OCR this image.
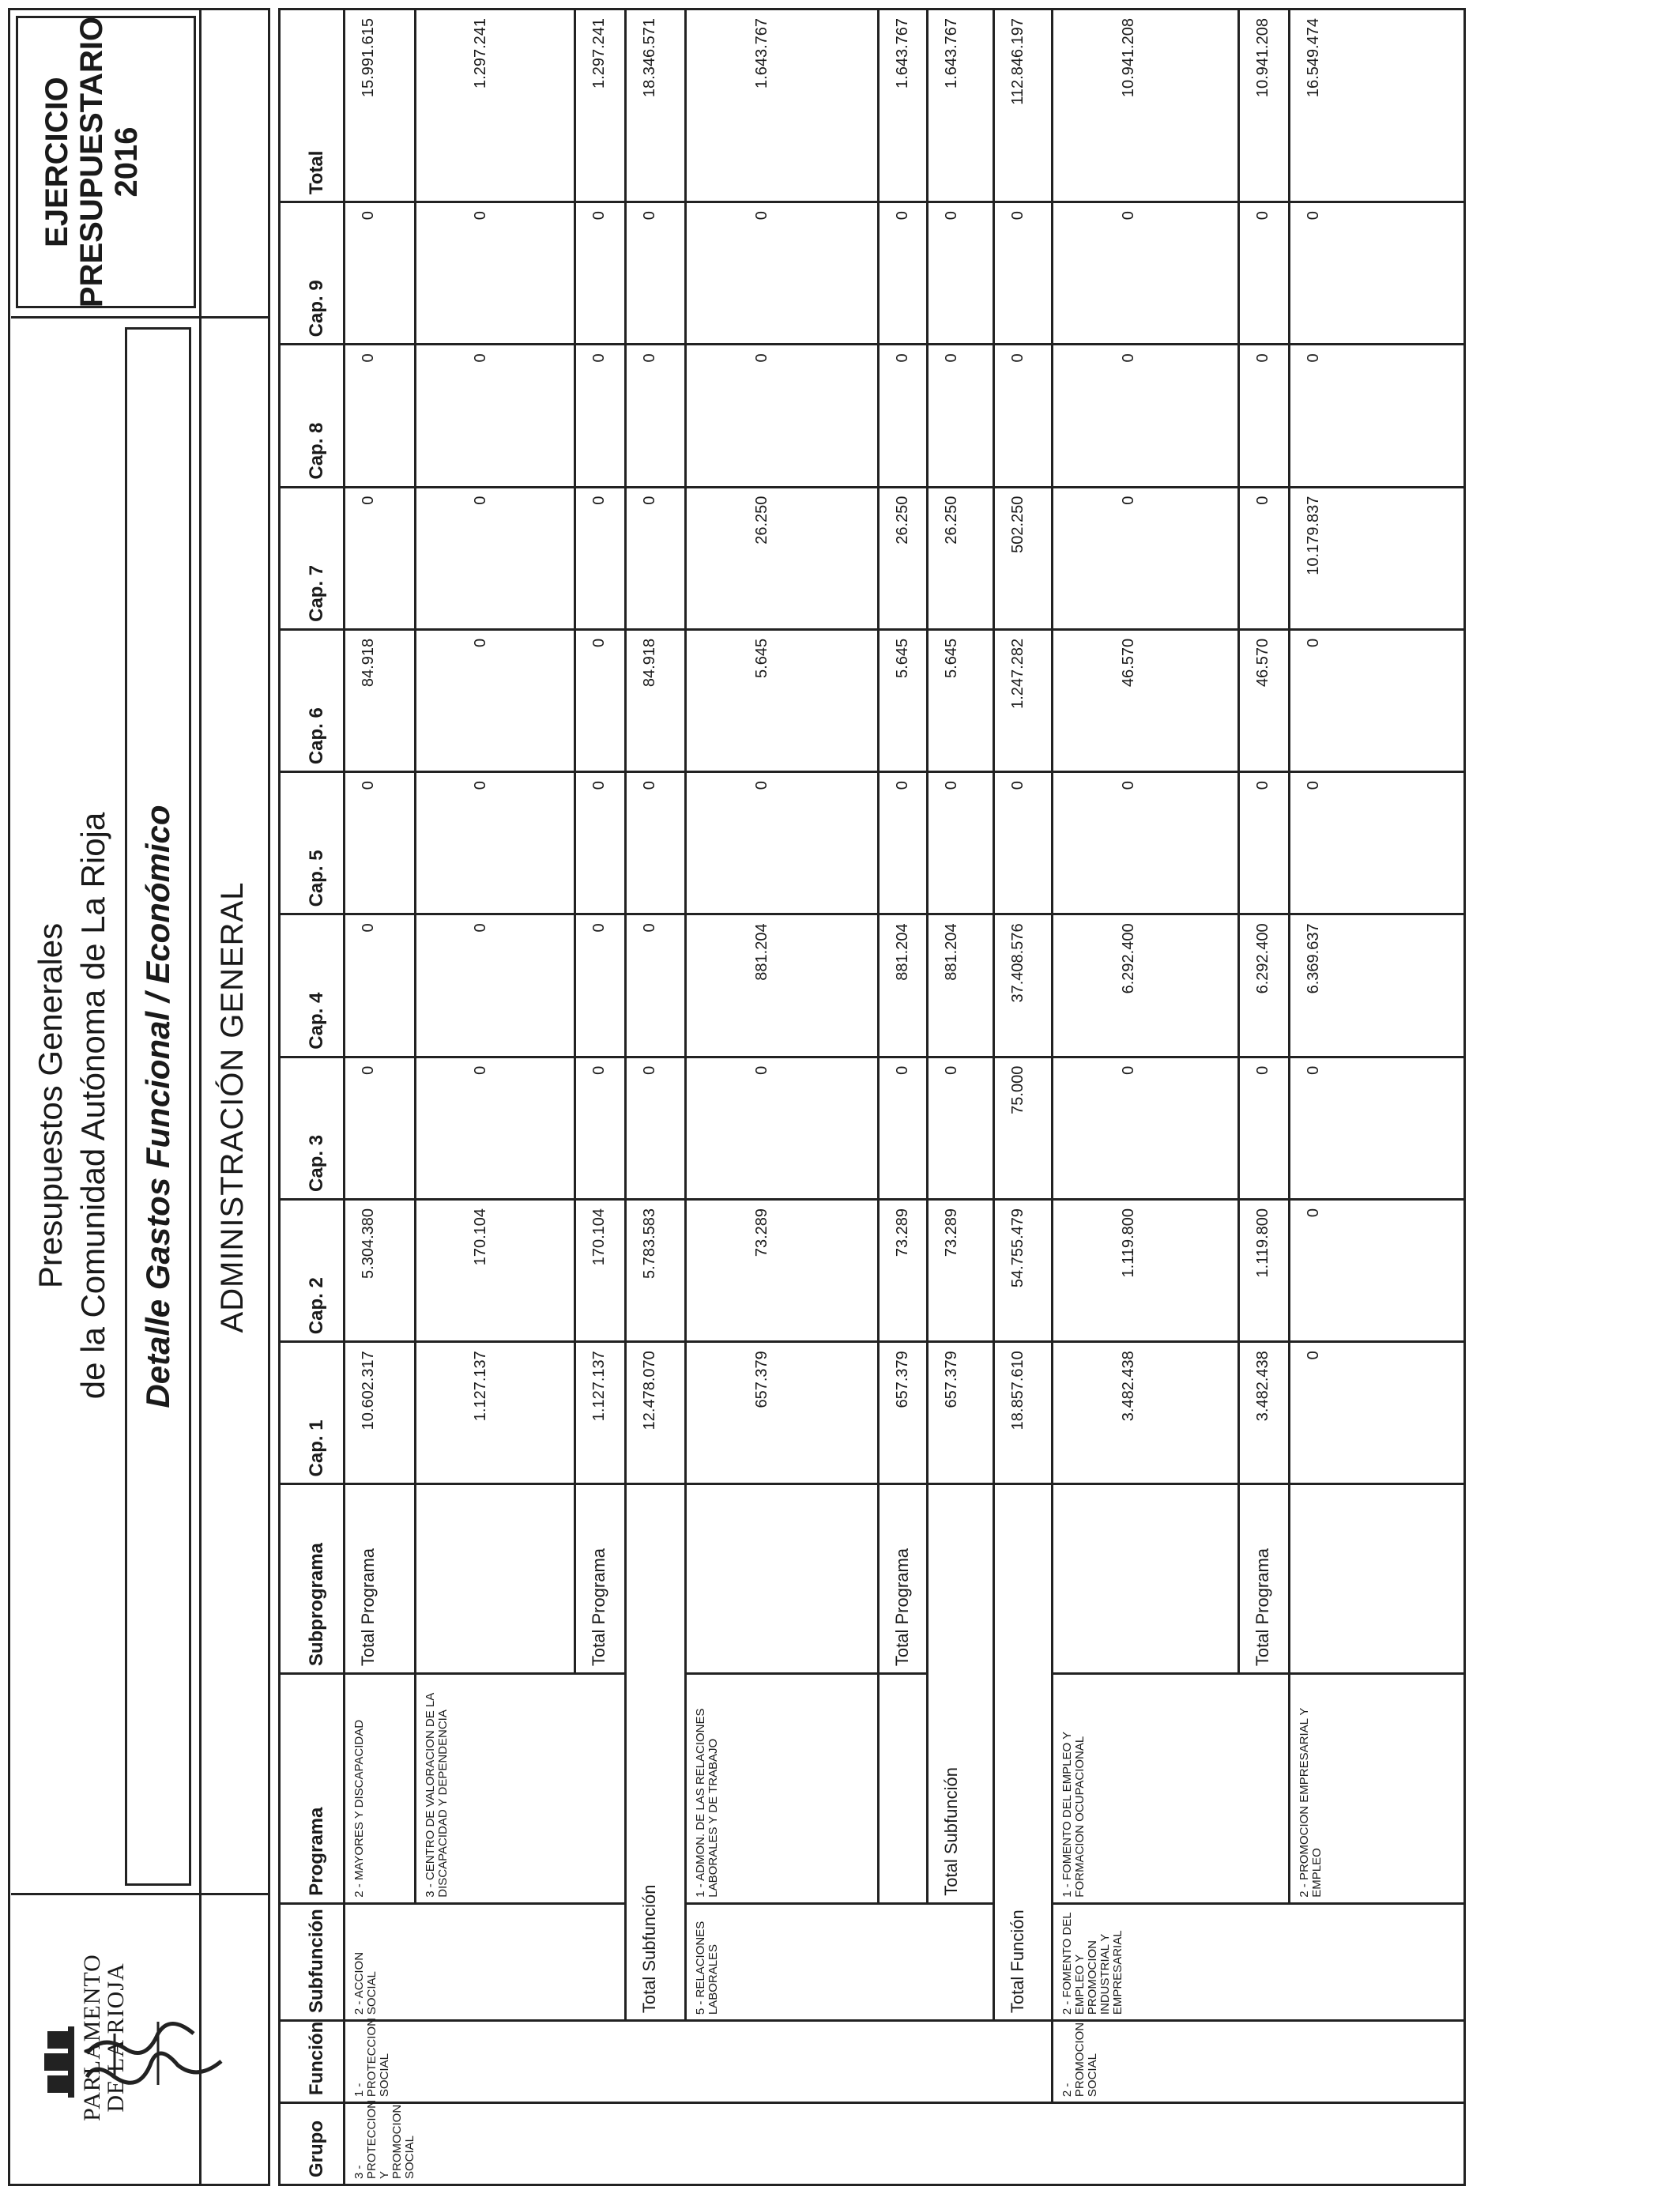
PARLAMENTO
DE LA RIOJA
Presupuestos Generales de la Comunidad Autónoma de La Rioja Detalle Gastos Funcional / Económico ADMINISTRACIÓN GENERAL
EJERCICIO PRESUPUESTARIO 2016
Grupo	Función	Subfunción	Programa	Subprograma	Cap. 1	Cap. 2	Cap. 3	Cap. 4	Cap. 5	Cap. 6	Cap. 7	Cap. 8	Cap. 9	Total
3 - PROTECCION Y PROMOCION SOCIAL	1 - PROTECCION SOCIAL	2 - ACCION SOCIAL	2 - MAYORES Y DISCAPACIDAD	Total Programa	10.602.317	5.304.380	0	0	0	84.918	0	0	0	15.991.615
			3 - CENTRO DE VALORACION DE LA DISCAPACIDAD Y DEPENDENCIA		1.127.137	170.104	0	0	0	0	0	0	0	1.297.241
				Total Programa	1.127.137	170.104	0	0	0	0	0	0	0	1.297.241
		Total Subfunción			12.478.070	5.783.583	0	0	0	84.918	0	0	0	18.346.571
		5 - RELACIONES LABORALES	1 - ADMON. DE LAS RELACIONES LABORALES Y DE TRABAJO		657.379	73.289	0	881.204	0	5.645	26.250	0	0	1.643.767
				Total Programa	657.379	73.289	0	881.204	0	5.645	26.250	0	0	1.643.767
			Total Subfunción		657.379	73.289	0	881.204	0	5.645	26.250	0	0	1.643.767
		Total Función			18.857.610	54.755.479	75.000	37.408.576	0	1.247.282	502.250	0	0	112.846.197
	2 - PROMOCION SOCIAL	2 - FOMENTO DEL EMPLEO Y PROMOCION INDUSTRIAL Y EMPRESARIAL	1 - FOMENTO DEL EMPLEO Y FORMACION OCUPACIONAL		3.482.438	1.119.800	0	6.292.400	0	46.570	0	0	0	10.941.208
				Total Programa	3.482.438	1.119.800	0	6.292.400	0	46.570	0	0	0	10.941.208
			2 - PROMOCION EMPRESARIAL Y EMPLEO		0	0	0	6.369.637	0	0	10.179.837	0	0	16.549.474
